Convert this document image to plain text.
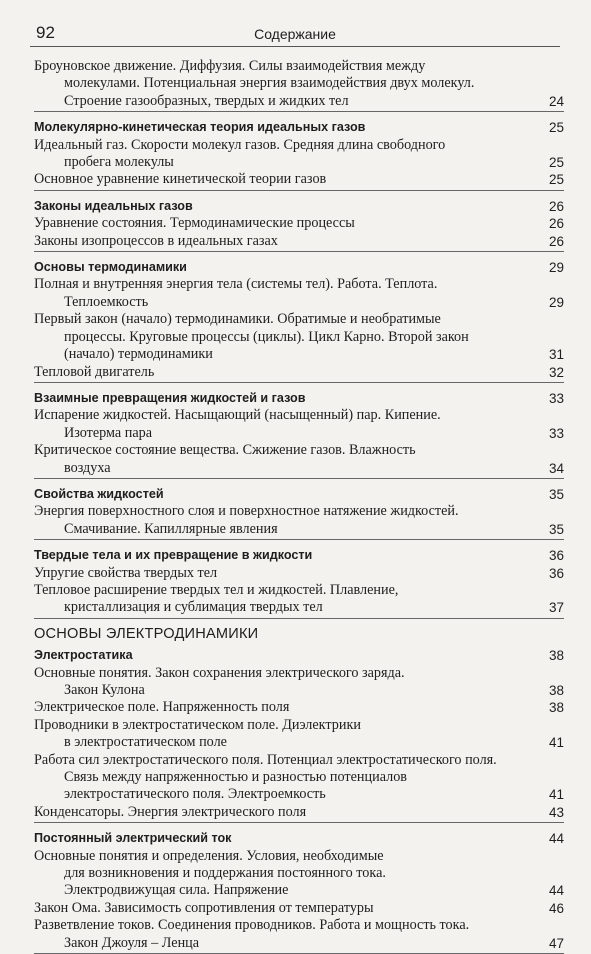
92	Содержание
Броуновское движение. Диффузия. Силы взаимодействия между
молекулами. Потенциальная энергия взаимодействия двух молекул.
Строение газообразных, твердых и жидких тел	24
Молекулярно-кинетическая теория идеальных газов	25
Идеальный газ. Скорости молекул газов. Средняя длина свободного
пробега молекулы	25
Основное уравнение кинетической теории газов	25
Законы идеальных газов	26
Уравнение состояния. Термодинамические процессы	26
Законы изопроцессов в идеальных газах	26
Основы термодинамики	29
Полная и внутренняя энергия тела (системы тел). Работа. Теплота.
Теплоемкость	29
Первый закон (начало) термодинамики. Обратимые и необратимые
процессы. Круговые процессы (циклы). Цикл Карно. Второй закон
(начало) термодинамики	31
Тепловой двигатель	32
Взаимные превращения жидкостей и газов	33
Испарение жидкостей. Насыщающий (насыщенный) пар. Кипение.
Изотерма пара	33
Критическое состояние вещества. Сжижение газов. Влажность
воздуха	34
Свойства жидкостей	35
Энергия поверхностного слоя и поверхностное натяжение жидкостей.
Смачивание. Капиллярные явления	35
Твердые тела и их превращение в жидкости	36
Упругие свойства твердых тел	36
Тепловое расширение твердых тел и жидкостей. Плавление,
кристаллизация и сублимация твердых тел	37
ОСНОВЫ ЭЛЕКТРОДИНАМИКИ
Электростатика	38
Основные понятия. Закон сохранения электрического заряда.
Закон Кулона	38
Электрическое поле. Напряженность поля	38
Проводники в электростатическом поле. Диэлектрики
в электростатическом поле	41
Работа сил электростатического поля. Потенциал электростатического поля.
Связь между напряженностью и разностью потенциалов
электростатического поля. Электроемкость	41
Конденсаторы. Энергия электрического поля	43
Постоянный электрический ток	44
Основные понятия и определения. Условия, необходимые
для возникновения и поддержания постоянного тока.
Электродвижущая сила. Напряжение	44
Закон Ома. Зависимость сопротивления от температуры	46
Разветвление токов. Соединения проводников. Работа и мощность тока.
Закон Джоуля – Ленца	47
